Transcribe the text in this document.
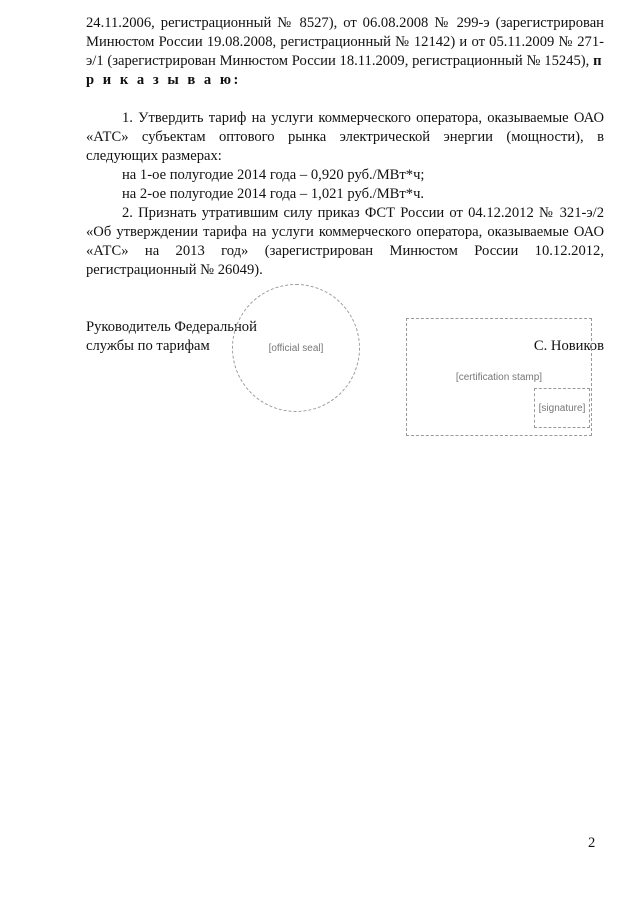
24.11.2006, регистрационный № 8527), от 06.08.2008 № 299-э (зарегистрирован Минюстом России 19.08.2008, регистрационный № 12142) и от 05.11.2009 № 271-э/1 (зарегистрирован Минюстом России 18.11.2009, регистрационный № 15245), п р и к а з ы в а ю:

1. Утвердить тариф на услуги коммерческого оператора, оказываемые ОАО «АТС» субъектам оптового рынка электрической энергии (мощности), в следующих размерах:

на 1-ое полугодие 2014 года – 0,920 руб./МВт*ч;

на 2-ое полугодие 2014 года – 1,021 руб./МВт*ч.

2. Признать утратившим силу приказ ФСТ России от 04.12.2012 № 321-э/2 «Об утверждении тарифа на услуги коммерческого оператора, оказываемые ОАО «АТС» на 2013 год» (зарегистрирован Минюстом России 10.12.2012, регистрационный № 26049).

Руководитель Федеральной
службы по тарифам	С. Новиков
[official seal]
[certification stamp]
[signature]
2
